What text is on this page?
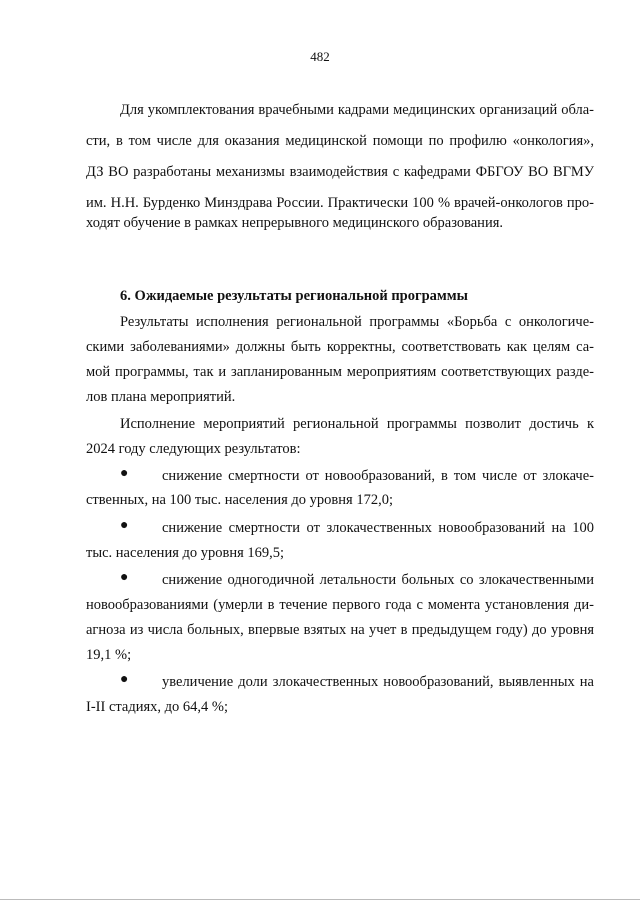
482
Для укомплектования врачебными кадрами медицинских организаций обла-
сти, в том числе для оказания медицинской помощи по профилю «онкология»,
ДЗ ВО разработаны механизмы взаимодействия с кафедрами ФБГОУ ВО ВГМУ
им. Н.Н. Бурденко Минздрава России. Практически 100 % врачей-онкологов про-
ходят обучение в рамках непрерывного медицинского образования.
6. Ожидаемые результаты региональной программы
Результаты исполнения региональной программы «Борьба с онкологиче-
скими заболеваниями» должны быть корректны, соответствовать как целям са-
мой программы, так и запланированным мероприятиям соответствующих разде-
лов плана мероприятий.
Исполнение мероприятий региональной программы позволит достичь к
2024 году следующих результатов:
●	снижение смертности от новообразований, в том числе от злокаче-
ственных, на 100 тыс. населения до уровня 172,0;
●	снижение смертности от злокачественных новообразований на 100
тыс. населения до уровня 169,5;
●	снижение одногодичной летальности больных со злокачественными
новообразованиями (умерли в течение первого года с момента установления ди-
агноза из числа больных, впервые взятых на учет в предыдущем году) до уровня
19,1 %;
●	увеличение доли злокачественных новообразований, выявленных на
I-II стадиях, до 64,4 %;
